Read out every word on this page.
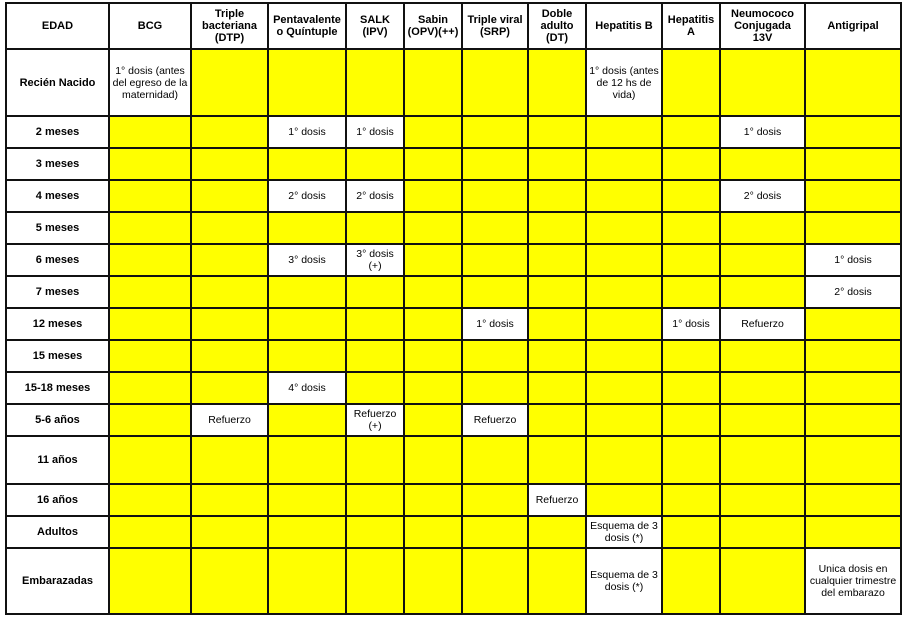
EDAD	BCG	Triple bacteriana (DTP)	Pentavalente o Quíntuple	SALK (IPV)	Sabin (OPV)(++)	Triple viral (SRP)	Doble adulto (DT)	Hepatitis B	Hepatitis A	Neumococo Conjugada 13V	Antigripal
Recién Nacido	1° dosis (antes del egreso de la maternidad)							1° dosis (antes de 12 hs de vida)			
2 meses			1° dosis	1° dosis						1° dosis	
3 meses											
4 meses			2° dosis	2° dosis						2° dosis	
5 meses											
6 meses			3° dosis	3° dosis (+)							1° dosis
7 meses											2° dosis
12 meses						1° dosis			1° dosis	Refuerzo	
15 meses											
15-18 meses			4° dosis								
5-6 años		Refuerzo		Refuerzo (+)		Refuerzo					
11 años											
16 años							Refuerzo				
Adultos								Esquema de 3 dosis (*)			
Embarazadas								Esquema de 3 dosis (*)			Unica dosis en cualquier trimestre del embarazo
